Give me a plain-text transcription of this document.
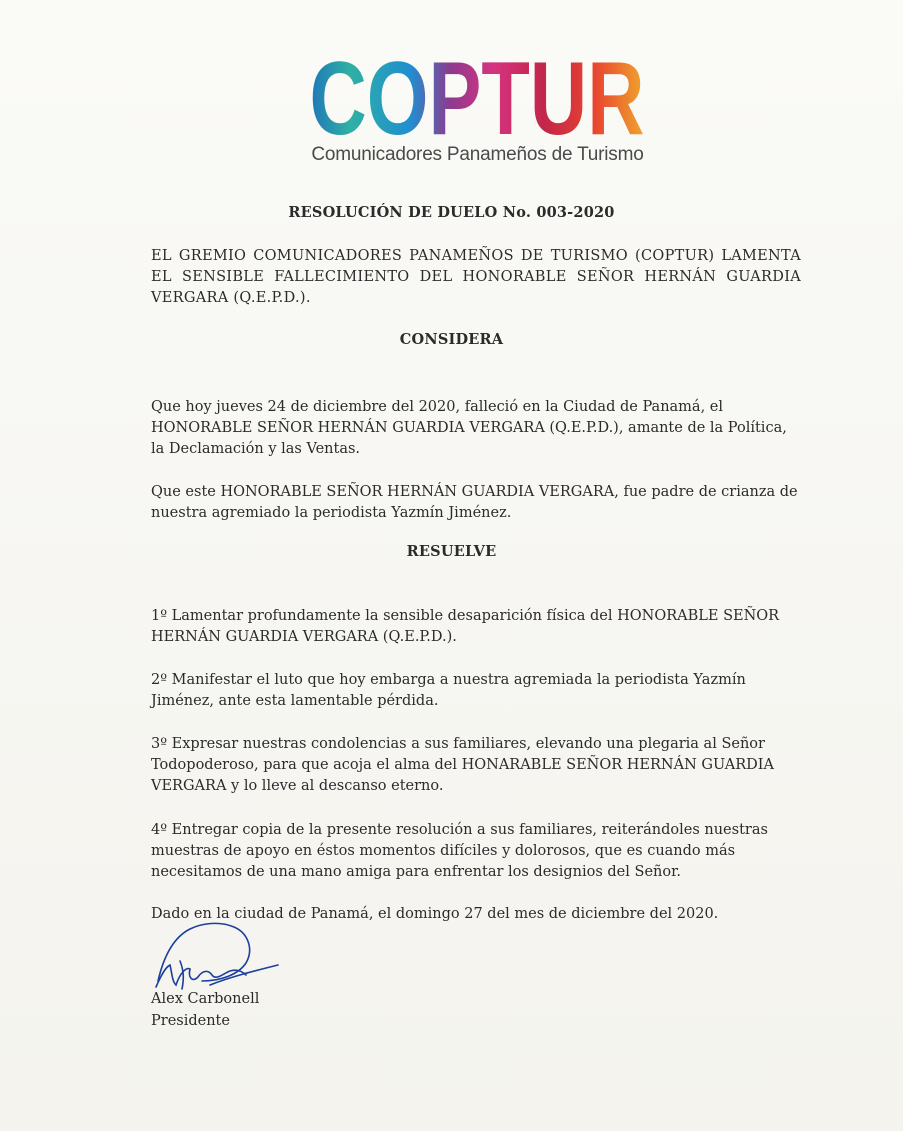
COPTUR
Comunicadores Panameños de Turismo
RESOLUCIÓN DE DUELO No. 003-2020
EL GREMIO COMUNICADORES PANAMEÑOS DE TURISMO (COPTUR) LAMENTA EL SENSIBLE FALLECIMIENTO DEL HONORABLE SEÑOR HERNÁN GUARDIA VERGARA (Q.E.P.D.).
CONSIDERA
Que hoy jueves 24 de diciembre del 2020, falleció en la Ciudad de Panamá, el HONORABLE SEÑOR HERNÁN GUARDIA VERGARA (Q.E.P.D.), amante de la Política, la Declamación y las Ventas.
Que este HONORABLE SEÑOR HERNÁN GUARDIA VERGARA, fue padre de crianza de nuestra agremiado la periodista Yazmín Jiménez.
RESUELVE
1º Lamentar profundamente la sensible desaparición física del HONORABLE SEÑOR HERNÁN GUARDIA VERGARA (Q.E.P.D.).
2º Manifestar el luto que hoy embarga a nuestra agremiada la periodista Yazmín Jiménez, ante esta lamentable pérdida.
3º Expresar nuestras condolencias a sus familiares, elevando una plegaria al Señor Todopoderoso, para que acoja el alma del HONARABLE SEÑOR HERNÁN GUARDIA VERGARA y lo lleve al descanso eterno.
4º Entregar copia de la presente resolución a sus familiares, reiterándoles nuestras muestras de apoyo en éstos momentos difíciles y dolorosos, que es cuando más necesitamos de una mano amiga para enfrentar los designios del Señor.
Dado en la ciudad de Panamá, el domingo 27 del mes de diciembre del 2020.
Alex Carbonell
Presidente
